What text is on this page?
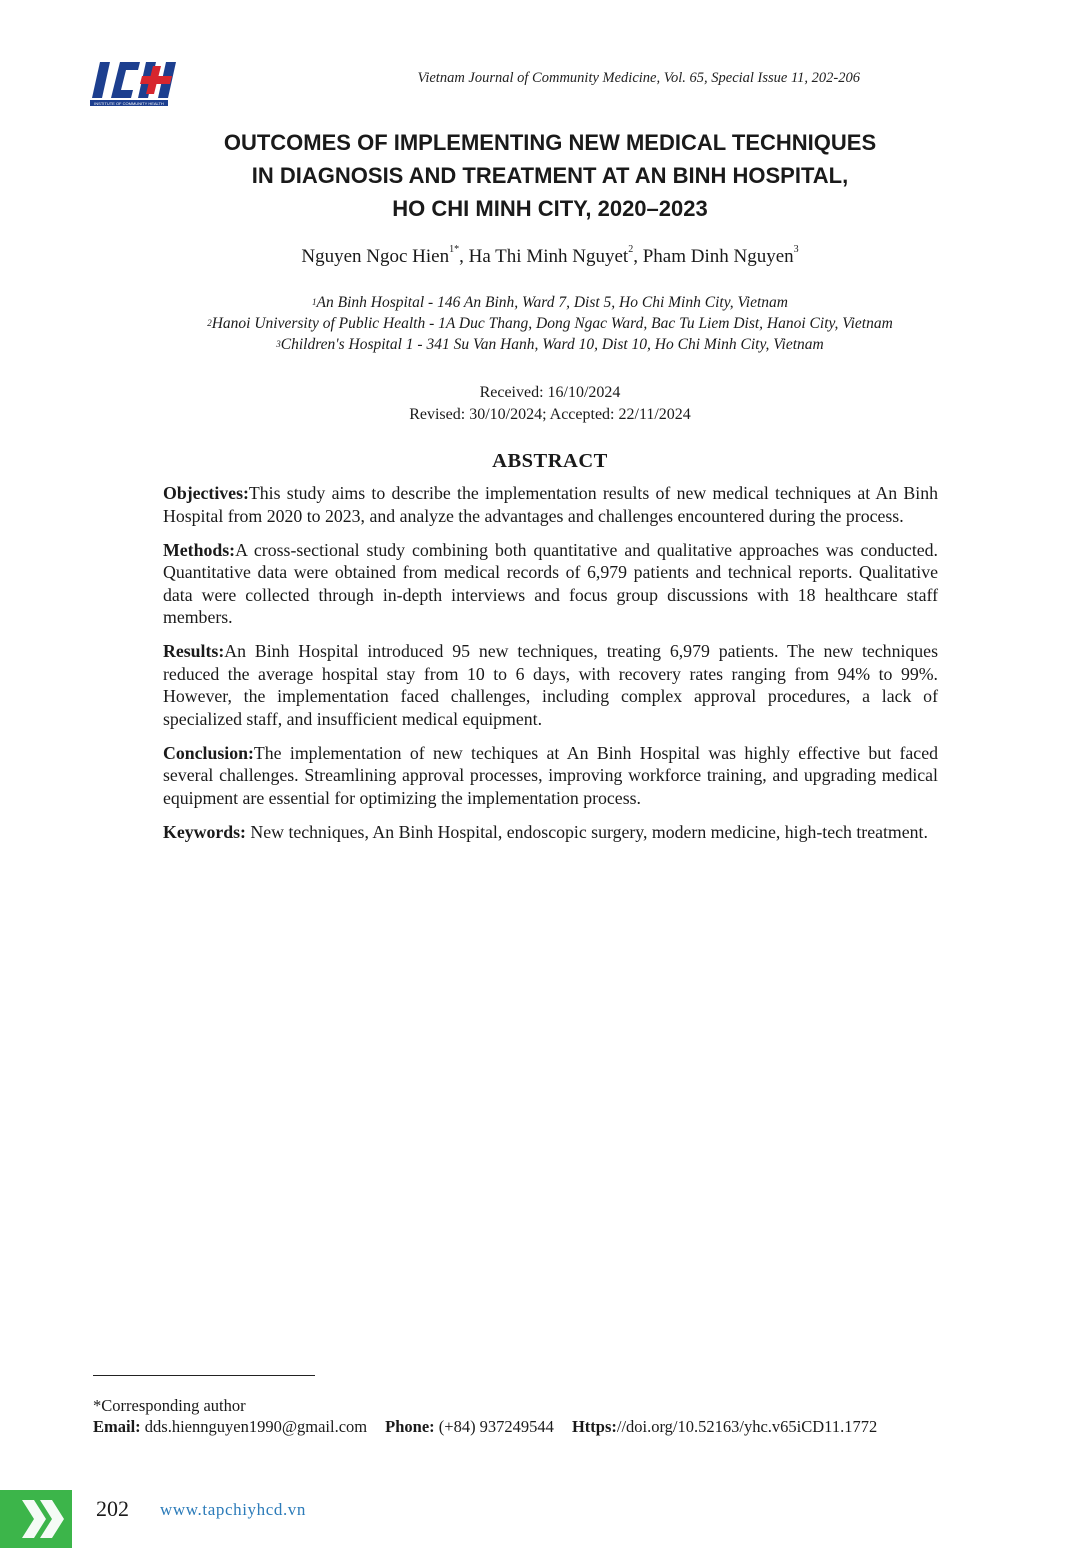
INSTITUTE OF COMMUNITY HEALTH
Vietnam Journal of Community Medicine, Vol. 65, Special Issue 11, 202-206
OUTCOMES OF IMPLEMENTING NEW MEDICAL TECHNIQUES
IN DIAGNOSIS AND TREATMENT AT AN BINH HOSPITAL,
HO CHI MINH CITY, 2020–2023
Nguyen Ngoc Hien$^{1*}$, Ha Thi Minh Nguyet$^2$, Pham Dinh Nguyen$^3$
$^1$An Binh Hospital - 146 An Binh, Ward 7, Dist 5, Ho Chi Minh City, Vietnam
$^2$Hanoi University of Public Health - 1A Duc Thang, Dong Ngac Ward, Bac Tu Liem Dist, Hanoi City, Vietnam
$^3$Children's Hospital 1 - 341 Su Van Hanh, Ward 10, Dist 10, Ho Chi Minh City, Vietnam
Received: 16/10/2024
Revised: 30/10/2024; Accepted: 22/11/2024
ABSTRACT

Objectives:This study aims to describe the implementation results of new medical techniques at An Binh Hospital from 2020 to 2023, and analyze the advantages and challenges encountered during the process.

Methods:A cross-sectional study combining both quantitative and qualitative approaches was conducted. Quantitative data were obtained from medical records of 6,979 patients and technical reports. Qualitative data were collected through in-depth interviews and focus group discussions with 18 healthcare staff members.

Results:An Binh Hospital introduced 95 new techniques, treating 6,979 patients. The new techniques reduced the average hospital stay from 10 to 6 days, with recovery rates ranging from 94% to 99%. However, the implementation faced challenges, including complex approval procedures, a lack of specialized staff, and insufficient medical equipment.

Conclusion:The implementation of new techiques at An Binh Hospital was highly effective but faced several challenges. Streamlining approval processes, improving workforce training, and upgrading medical equipment are essential for optimizing the implementation process.

Keywords: New techniques, An Binh Hospital, endoscopic surgery, modern medicine, high-tech treatment.

*Corresponding author
Email: dds.hiennguyen1990@gmail.com Phone: (+84) 937249544 Https://doi.org/10.52163/yhc.v65iCD11.1772
202 www.tapchiyhcd.vn
